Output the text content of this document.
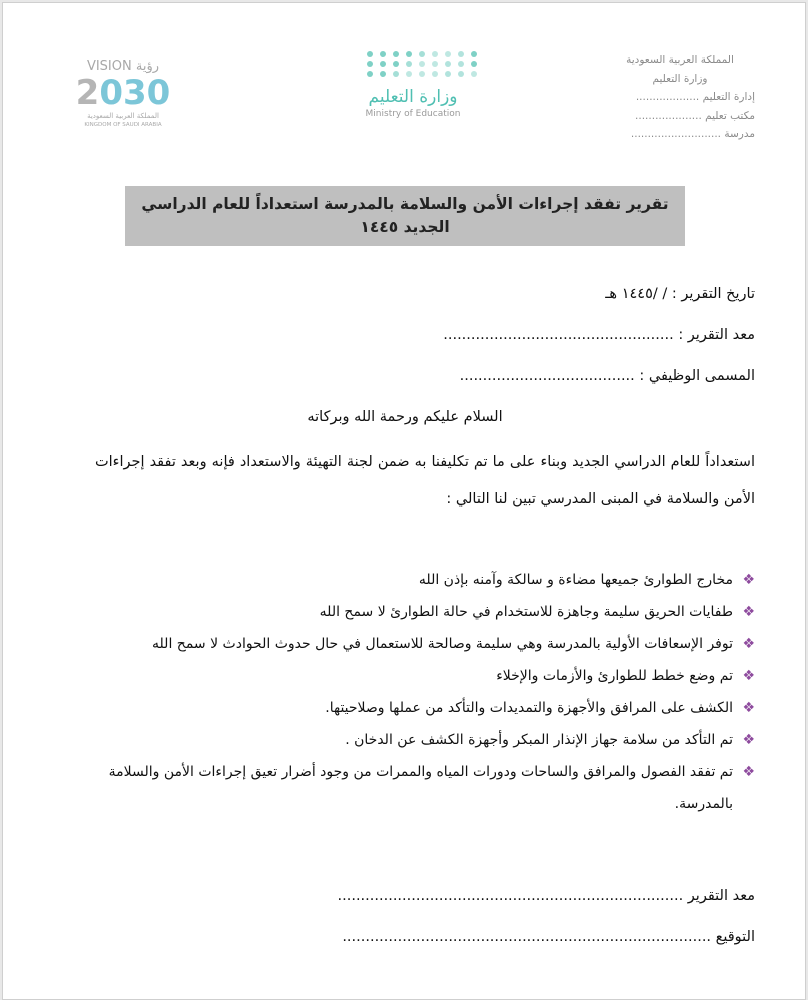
المملكة العربية السعودية
وزارة التعليم
إدارة التعليم ...................
مكتب تعليم ....................
مدرسة ...........................
وزارة التعليم
Ministry of Education
VISION رؤية
2030
المملكة العربية السعودية
KINGDOM OF SAUDI ARABIA
تقرير تفقد إجراءات الأمن والسلامة بالمدرسة استعداداً للعام الدراسي الجديد ١٤٤٥
تاريخ التقرير : / /١٤٤٥ هـ
معد التقرير : ..................................................
المسمى الوظيفي : ......................................
السلام عليكم ورحمة الله وبركاته
استعداداً للعام الدراسي الجديد وبناء على ما تم تكليفنا به ضمن لجنة التهيئة والاستعداد فإنه وبعد تفقد إجراءات الأمن والسلامة في المبنى المدرسي تبين لنا التالي :
❖
مخارج الطوارئ جميعها مضاءة و سالكة وآمنه بإذن الله
❖
طفايات الحريق سليمة وجاهزة للاستخدام في حالة الطوارئ لا سمح الله
❖
توفر الإسعافات الأولية بالمدرسة وهي سليمة وصالحة للاستعمال في حال حدوث الحوادث لا سمح الله
❖
تم وضع خطط للطوارئ والأزمات والإخلاء
❖
الكشف على المرافق والأجهزة والتمديدات والتأكد من عملها وصلاحيتها.
❖
تم التأكد من سلامة جهاز الإنذار المبكر وأجهزة الكشف عن الدخان .
❖
تم تفقد الفصول والمرافق والساحات ودورات المياه والممرات من وجود أضرار تعيق إجراءات الأمن والسلامة بالمدرسة.
معد التقرير ...........................................................................
التوقيع ................................................................................
